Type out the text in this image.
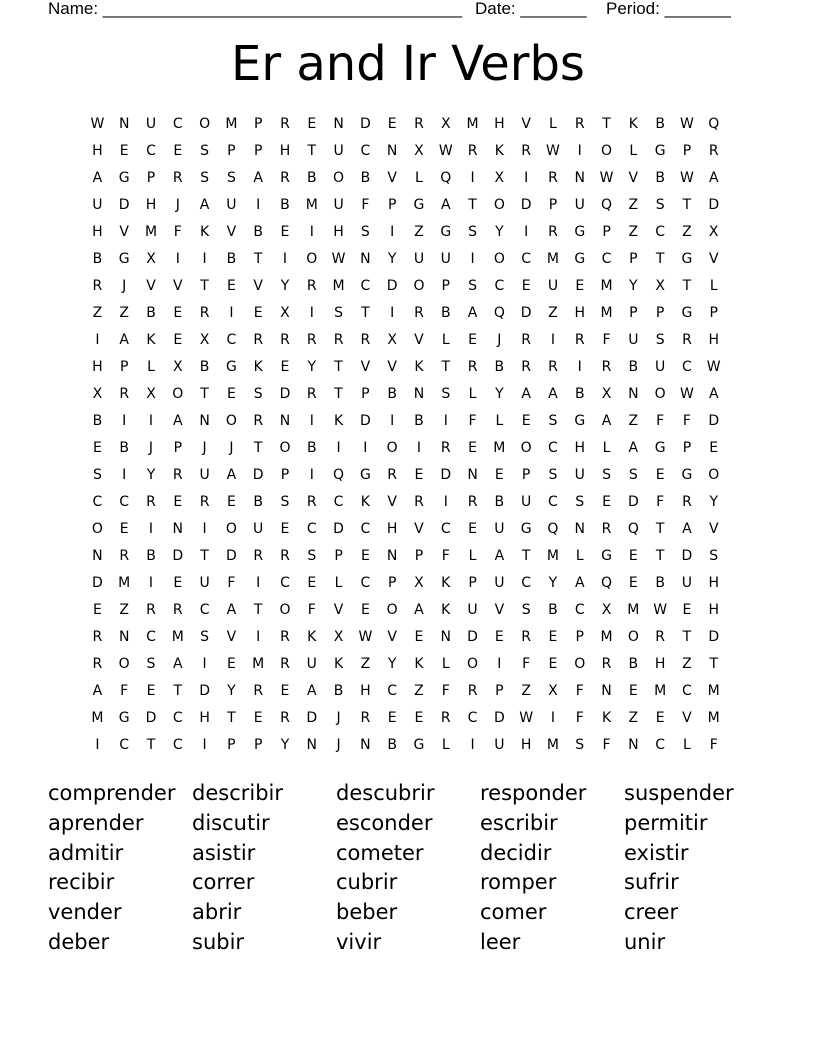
Name: ______________________________________ Date: _______ Period: _______
Er and Ir Verbs
W	N	U	C	O	M	P	R	E	N	D	E	R	X	M	H	V	L	R	T	K	B	W	Q
H	E	C	E	S	P	P	H	T	U	C	N	X	W	R	K	R	W	I	O	L	G	P	R
A	G	P	R	S	S	A	R	B	O	B	V	L	Q	I	X	I	R	N	W	V	B	W	A
U	D	H	J	A	U	I	B	M	U	F	P	G	A	T	O	D	P	U	Q	Z	S	T	D
H	V	M	F	K	V	B	E	I	H	S	I	Z	G	S	Y	I	R	G	P	Z	C	Z	X
B	G	X	I	I	B	T	I	O	W	N	Y	U	U	I	O	C	M	G	C	P	T	G	V
R	J	V	V	T	E	V	Y	R	M	C	D	O	P	S	C	E	U	E	M	Y	X	T	L
Z	Z	B	E	R	I	E	X	I	S	T	I	R	B	A	Q	D	Z	H	M	P	P	G	P
I	A	K	E	X	C	R	R	R	R	R	X	V	L	E	J	R	I	R	F	U	S	R	H
H	P	L	X	B	G	K	E	Y	T	V	V	K	T	R	B	R	R	I	R	B	U	C	W
X	R	X	O	T	E	S	D	R	T	P	B	N	S	L	Y	A	A	B	X	N	O	W	A
B	I	I	A	N	O	R	N	I	K	D	I	B	I	F	L	E	S	G	A	Z	F	F	D
E	B	J	P	J	J	T	O	B	I	I	O	I	R	E	M	O	C	H	L	A	G	P	E
S	I	Y	R	U	A	D	P	I	Q	G	R	E	D	N	E	P	S	U	S	S	E	G	O
C	C	R	E	R	E	B	S	R	C	K	V	R	I	R	B	U	C	S	E	D	F	R	Y
O	E	I	N	I	O	U	E	C	D	C	H	V	C	E	U	G	Q	N	R	Q	T	A	V
N	R	B	D	T	D	R	R	S	P	E	N	P	F	L	A	T	M	L	G	E	T	D	S
D	M	I	E	U	F	I	C	E	L	C	P	X	K	P	U	C	Y	A	Q	E	B	U	H
E	Z	R	R	C	A	T	O	F	V	E	O	A	K	U	V	S	B	C	X	M W	E	H
R	N	C	M	S	V	I	R	K	X	W	V	E	N	D	E	R	E	P	M	O	R	T	D
R	O	S	A	I	E	M	R	U	K	Z	Y	K	L	O	I	F	E	O	R	B	H	Z	T
A	F	E	T	D	Y	R	E	A	B	H	C	Z	F	R	P	Z	X	F	N	E	M	C	M
M	G	D	C	H	T	E	R	D	J	R	E	E	R	C	D	W	I	F	K	Z	E	V	M
I	C	T	C	I	P	P	Y	N	J	N	B	G	L	I	U	H	M	S	F	N	C	L	F
comprender describir	descubrir	responder	suspender
aprender	discutir	esconder	escribir	permitir
admitir	asistir	cometer	decidir	existir
recibir	correr	cubrir	romper	sufrir
vender	abrir	beber	comer	creer
deber	subir	vivir	leer	unir
